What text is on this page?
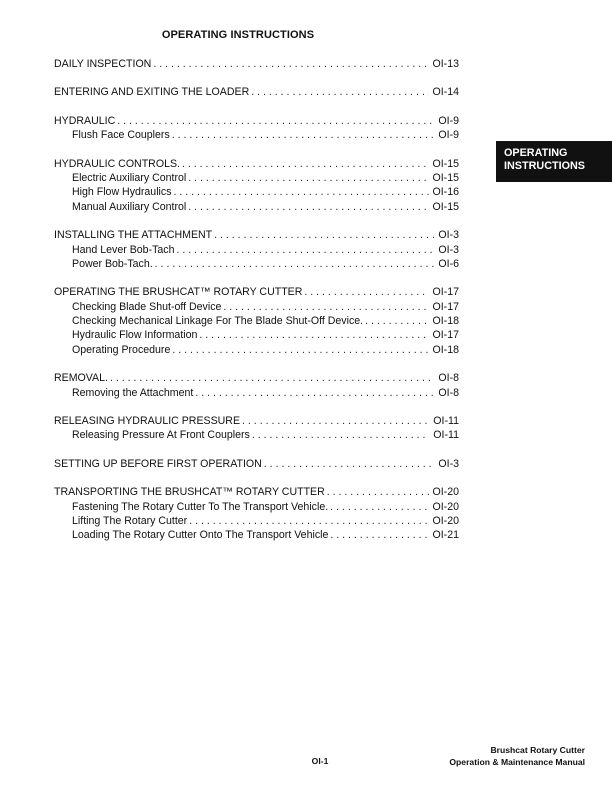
OPERATING INSTRUCTIONS
DAILY INSPECTION . . .	OI-13
ENTERING AND EXITING THE LOADER . . .	OI-14
HYDRAULIC . . .	OI-9
Flush Face Couplers . . .	OI-9
HYDRAULIC CONTROLS. . . .	OI-15
Electric Auxiliary Control . . .	OI-15
High Flow Hydraulics . . .	OI-16
Manual Auxiliary Control . . .	OI-15
INSTALLING THE ATTACHMENT . . .	OI-3
Hand Lever Bob-Tach . . .	OI-3
Power Bob-Tach. . . .	OI-6
OPERATING THE BRUSHCAT™ ROTARY CUTTER . . .	OI-17
Checking Blade Shut-off Device . . .	OI-17
Checking Mechanical Linkage For The Blade Shut-Off Device. . . .	OI-18
Hydraulic Flow Information . . .	OI-17
Operating Procedure . . .	OI-18
REMOVAL. . . .	OI-8
Removing the Attachment . . .	OI-8
RELEASING HYDRAULIC PRESSURE . . .	OI-11
Releasing Pressure At Front Couplers . . .	OI-11
SETTING UP BEFORE FIRST OPERATION . . .	OI-3
TRANSPORTING THE BRUSHCAT™ ROTARY CUTTER . . .	OI-20
Fastening The Rotary Cutter To The Transport Vehicle. . . .	OI-20
Lifting The Rotary Cutter . . .	OI-20
Loading The Rotary Cutter Onto The Transport Vehicle . . .	OI-21
OPERATING
INSTRUCTIONS
OI-1
Brushcat Rotary Cutter
Operation & Maintenance Manual
